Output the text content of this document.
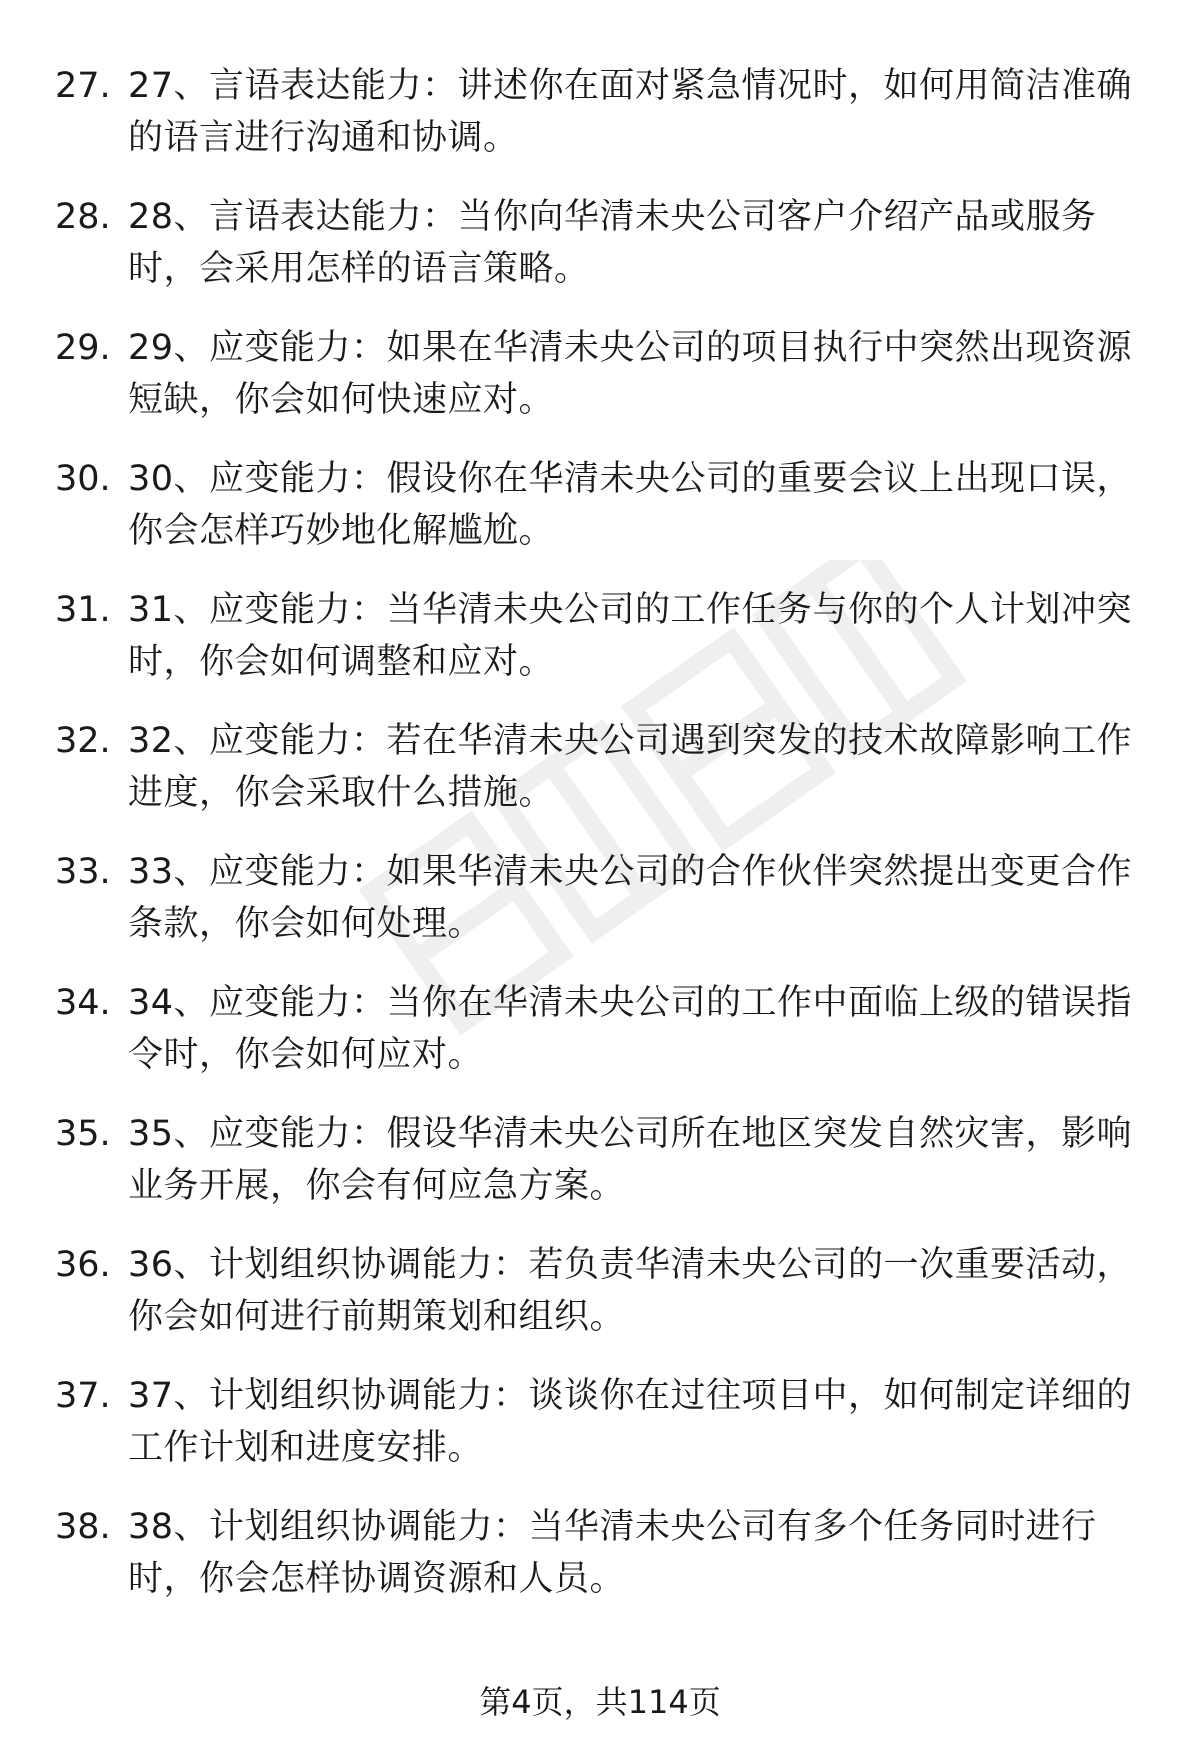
27. 27、言语表达能力：讲述你在面对紧急情况时，如何用简洁准确的语言进行沟通和协调。
28. 28、言语表达能力：当你向华清未央公司客户介绍产品或服务时，会采用怎样的语言策略。
29. 29、应变能力：如果在华清未央公司的项目执行中突然出现资源短缺，你会如何快速应对。
30. 30、应变能力：假设你在华清未央公司的重要会议上出现口误，你会怎样巧妙地化解尴尬。
31. 31、应变能力：当华清未央公司的工作任务与你的个人计划冲突时，你会如何调整和应对。
32. 32、应变能力：若在华清未央公司遇到突发的技术故障影响工作进度，你会采取什么措施。
33. 33、应变能力：如果华清未央公司的合作伙伴突然提出变更合作条款，你会如何处理。
34. 34、应变能力：当你在华清未央公司的工作中面临上级的错误指令时，你会如何应对。
35. 35、应变能力：假设华清未央公司所在地区突发自然灾害，影响业务开展，你会有何应急方案。
36. 36、计划组织协调能力：若负责华清未央公司的一次重要活动，你会如何进行前期策划和组织。
37. 37、计划组织协调能力：谈谈你在过往项目中，如何制定详细的工作计划和进度安排。
38. 38、计划组织协调能力：当华清未央公司有多个任务同时进行时，你会怎样协调资源和人员。
第4页，共114页
